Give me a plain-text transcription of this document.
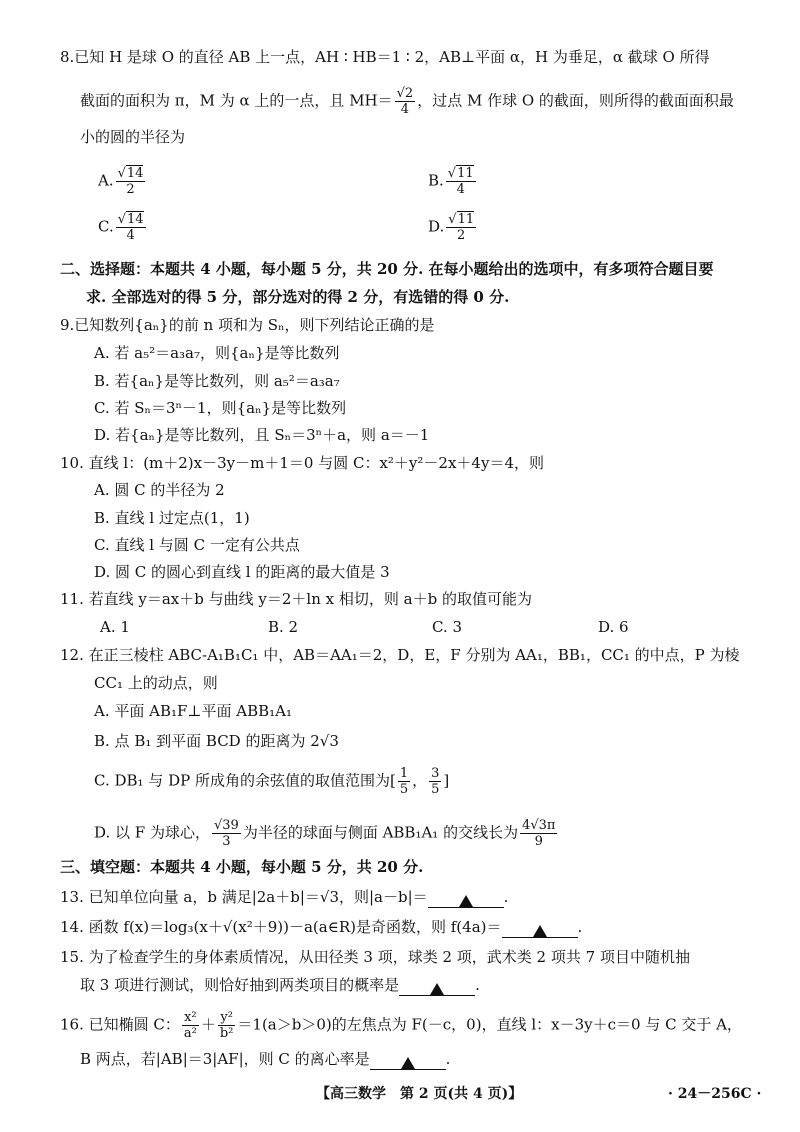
8.已知 H 是球 O 的直径 AB 上一点，AH ∶ HB＝1 ∶ 2，AB⊥平面 α，H 为垂足，α 截球 O 所得
截面的面积为 π，M 为 α 上的一点，且 $MH= \frac{√2}{4}$ ，过点 M 作球 O 的截面，则所得的截面面积最
小的圆的半径为
A. $\frac{√14}{2}$	B. $\frac{√11}{4}$
C. $\frac{√14}{4}$	D. $\frac{√11}{2}$
二、选择题：本题共 4 小题，每小题 5 分，共 20 分. 在每小题给出的选项中，有多项符合题目要
求. 全部选对的得 5 分，部分选对的得 2 分，有选错的得 0 分.
9.已知数列{aₙ}的前 n 项和为 Sₙ，则下列结论正确的是
A. 若 a₅²＝a₃a₇，则{aₙ}是等比数列
B. 若{aₙ}是等比数列，则 a₅²＝a₃a₇
C. 若 Sₙ＝3ⁿ－1，则{aₙ}是等比数列
D. 若{aₙ}是等比数列，且 Sₙ＝3ⁿ＋a，则 a＝－1
10. 直线 l：(m＋2)x－3y－m＋1＝0 与圆 C：x²＋y²－2x＋4y＝4，则
A. 圆 C 的半径为 2
B. 直线 l 过定点(1，1)
C. 直线 l 与圆 C 一定有公共点
D. 圆 C 的圆心到直线 l 的距离的最大值是 3
11. 若直线 y＝ax＋b 与曲线 y＝2＋ln x 相切，则 a＋b 的取值可能为
A. 1	B. 2	C. 3	D. 6
12. 在正三棱柱 ABC-A₁B₁C₁ 中，AB＝AA₁＝2，D，E，F 分别为 AA₁，BB₁，CC₁ 的中点，P 为棱
CC₁ 上的动点，则
A. 平面 AB₁F⊥平面 ABB₁A₁
B. 点 B₁ 到平面 BCD 的距离为 2√3
C. DB₁ 与 DP 所成角的余弦值的取值范围为[ $\frac{1}{5}$ ， $\frac{3}{5}$ ]
D. 以 F 为球心， $\frac{√39}{3}$ 为半径的球面与侧面 ABB₁A₁ 的交线长为 $\frac{4√3\pi}{9}$
三、填空题：本题共 4 小题，每小题 5 分，共 20 分.
13. 已知单位向量 a，b 满足|2a＋b|＝√3，则|a－b|＝	.
14. 函数 f(x)＝log₃(x＋√(x²＋9))－a(a∈R)是奇函数，则 f(4a)＝	.
15. 为了检查学生的身体素质情况，从田径类 3 项，球类 2 项，武术类 2 项共 7 项目中随机抽
取 3 项进行测试，则恰好抽到两类项目的概率是	.
16. 已知椭圆 C： $\frac{\text{x²}}{\text{a²}} + \frac{\text{y²}}{\text{b²}} =1(a>b>0)$的左焦点为 F(－c，0)，直线 l：x－3y＋c＝0 与 C 交于 A，
B 两点，若|AB|＝3|AF|，则 C 的离心率是	.
【高三数学　第 2 页(共 4 页)】	· 24－256C ·
